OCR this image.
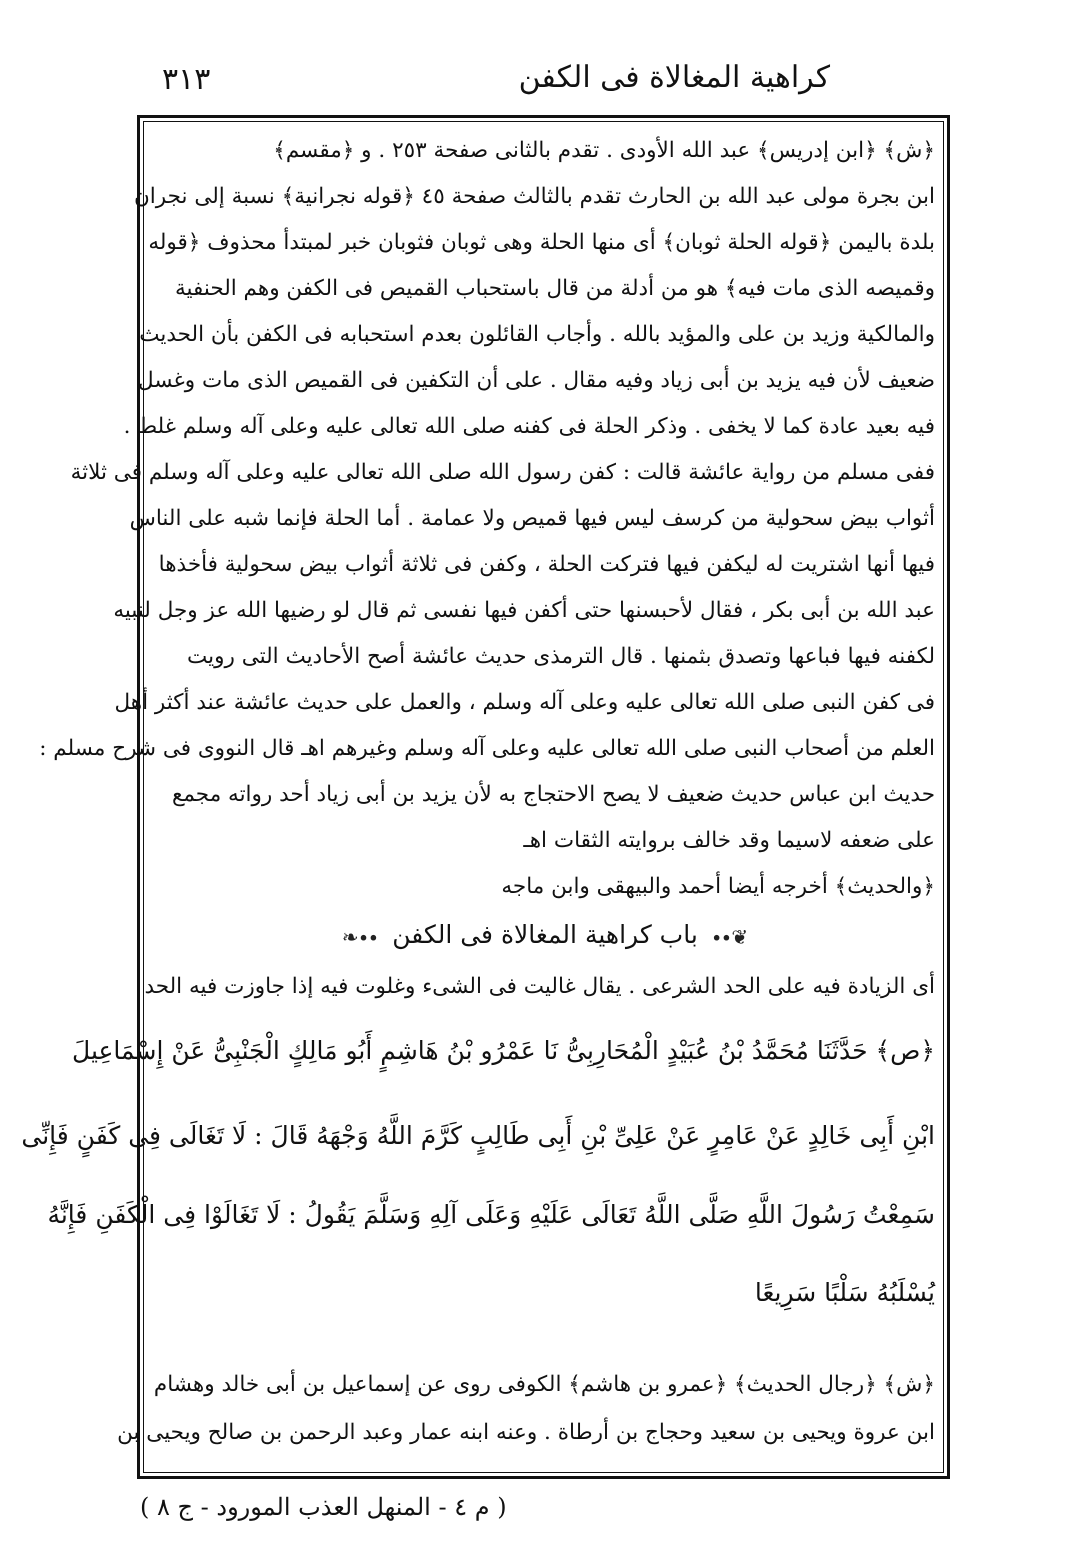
٣١٣	كراهية المغالاة فى الكفن
﴿ش﴾ ﴿ابن إدريس﴾ عبد الله الأودى . تقدم بالثانى صفحة ٢٥٣ . و ﴿مقسم﴾
ابن بجرة مولى عبد الله بن الحارث تقدم بالثالث صفحة ٤٥ ﴿قوله نجرانية﴾ نسبة إلى نجران
بلدة باليمن ﴿قوله الحلة ثوبان﴾ أى منها الحلة وهى ثوبان فثوبان خبر لمبتدأ محذوف ﴿قوله
وقميصه الذى مات فيه﴾ هو من أدلة من قال باستحباب القميص فى الكفن وهم الحنفية
والمالكية وزيد بن على والمؤيد بالله . وأجاب القائلون بعدم استحبابه فى الكفن بأن الحديث
ضعيف لأن فيه يزيد بن أبى زياد وفيه مقال . على أن التكفين فى القميص الذى مات وغسل
فيه بعيد عادة كما لا يخفى . وذكر الحلة فى كفنه صلى الله تعالى عليه وعلى آله وسلم غلط .
ففى مسلم من رواية عائشة قالت : كفن رسول الله صلى الله تعالى عليه وعلى آله وسلم فى ثلاثة
أثواب بيض سحولية من كرسف ليس فيها قميص ولا عمامة . أما الحلة فإنما شبه على الناس
فيها أنها اشتريت له ليكفن فيها فتركت الحلة ، وكفن فى ثلاثة أثواب بيض سحولية فأخذها
عبد الله بن أبى بكر ، فقال لأحبسنها حتى أكفن فيها نفسى ثم قال لو رضيها الله عز وجل لنبيه
لكفنه فيها فباعها وتصدق بثمنها . قال الترمذى حديث عائشة أصح الأحاديث التى رويت
فى كفن النبى صلى الله تعالى عليه وعلى آله وسلم ، والعمل على حديث عائشة عند أكثر أهل
العلم من أصحاب النبى صلى الله تعالى عليه وعلى آله وسلم وغيرهم اهـ قال النووى فى شرح مسلم :
حديث ابن عباس حديث ضعيف لا يصح الاحتجاج به لأن يزيد بن أبى زياد أحد رواته مجمع
على ضعفه لاسيما وقد خالف بروايته الثقات اهـ
﴿والحديث﴾ أخرجه أيضا أحمد والبيهقى وابن ماجه
❦∙∙ باب كراهية المغالاة فى الكفن ∙∙❧
أى الزيادة فيه على الحد الشرعى . يقال غاليت فى الشىء وغلوت فيه إذا جاوزت فيه الحد
﴿ص﴾ حَدَّثَنَا مُحَمَّدُ بْنُ عُبَيْدٍ الْمُحَارِبِىُّ نَا عَمْرُو بْنُ هَاشِمٍ أَبُو مَالِكٍ الْجَنْبِىُّ عَنْ إِسْمَاعِيلَ
ابْنِ أَبِى خَالِدٍ عَنْ عَامِرٍ عَنْ عَلِىِّ بْنِ أَبِى طَالِبٍ كَرَّمَ اللَّهُ وَجْهَهُ قَالَ : لَا تَغَالَى فِى كَفَنٍ فَإِنِّى
سَمِعْتُ رَسُولَ اللَّهِ صَلَّى اللَّهُ تَعَالَى عَلَيْهِ وَعَلَى آلِهِ وَسَلَّمَ يَقُولُ : لَا تَغَالَوْا فِى الْكَفَنِ فَإِنَّهُ
يُسْلَبُهُ سَلْبًا سَرِيعًا
﴿ش﴾ ﴿رجال الحديث﴾ ﴿عمرو بن هاشم﴾ الكوفى روى عن إسماعيل بن أبى خالد وهشام
ابن عروة ويحيى بن سعيد وحجاج بن أرطاة . وعنه ابنه عمار وعبد الرحمن بن صالح ويحيى بن
( م ٤ - المنهل العذب المورود - ج ٨ )
